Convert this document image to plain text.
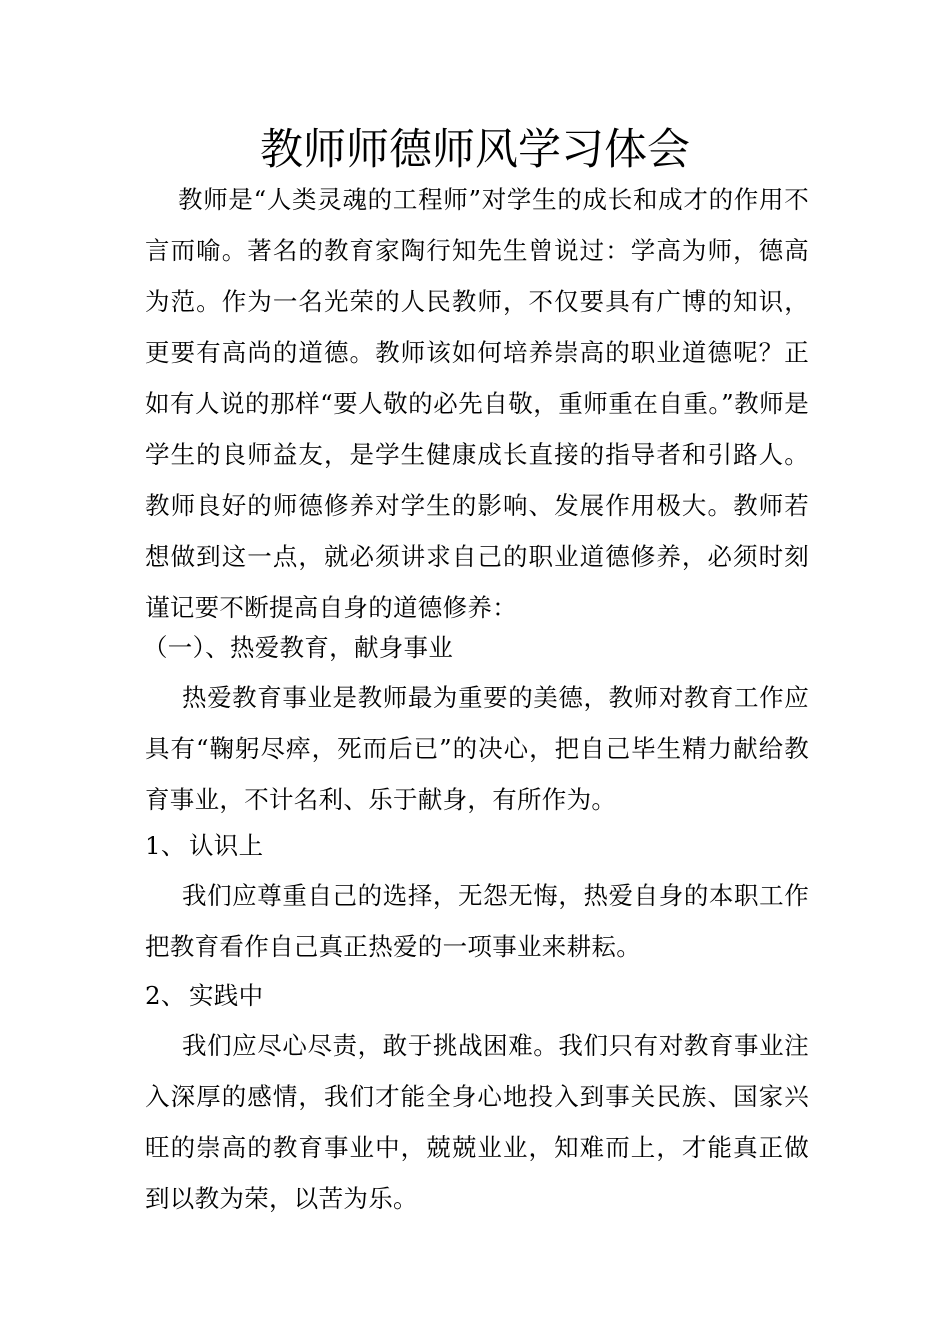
教师师德师风学习体会
教师是“人类灵魂的工程师”对学生的成长和成才的作用不言而喻。著名的教育家陶行知先生曾说过：学高为师，德高为范。作为一名光荣的人民教师，不仅要具有广博的知识，更要有高尚的道德。教师该如何培养崇高的职业道德呢？正如有人说的那样“要人敬的必先自敬，重师重在自重。”教师是学生的良师益友，是学生健康成长直接的指导者和引路人。教师良好的师德修养对学生的影响、发展作用极大。教师若想做到这一点，就必须讲求自己的职业道德修养，必须时刻谨记要不断提高自身的道德修养：
（一）、热爱教育，献身事业
热爱教育事业是教师最为重要的美德，教师对教育工作应具有“鞠躬尽瘁，死而后已”的决心，把自己毕生精力献给教育事业，不计名利、乐于献身，有所作为。
1、 认识上
我们应尊重自己的选择，无怨无悔，热爱自身的本职工作把教育看作自己真正热爱的一项事业来耕耘。
2、 实践中
我们应尽心尽责，敢于挑战困难。我们只有对教育事业注入深厚的感情，我们才能全身心地投入到事关民族、国家兴旺的崇高的教育事业中，兢兢业业，知难而上，才能真正做到以教为荣，以苦为乐。
